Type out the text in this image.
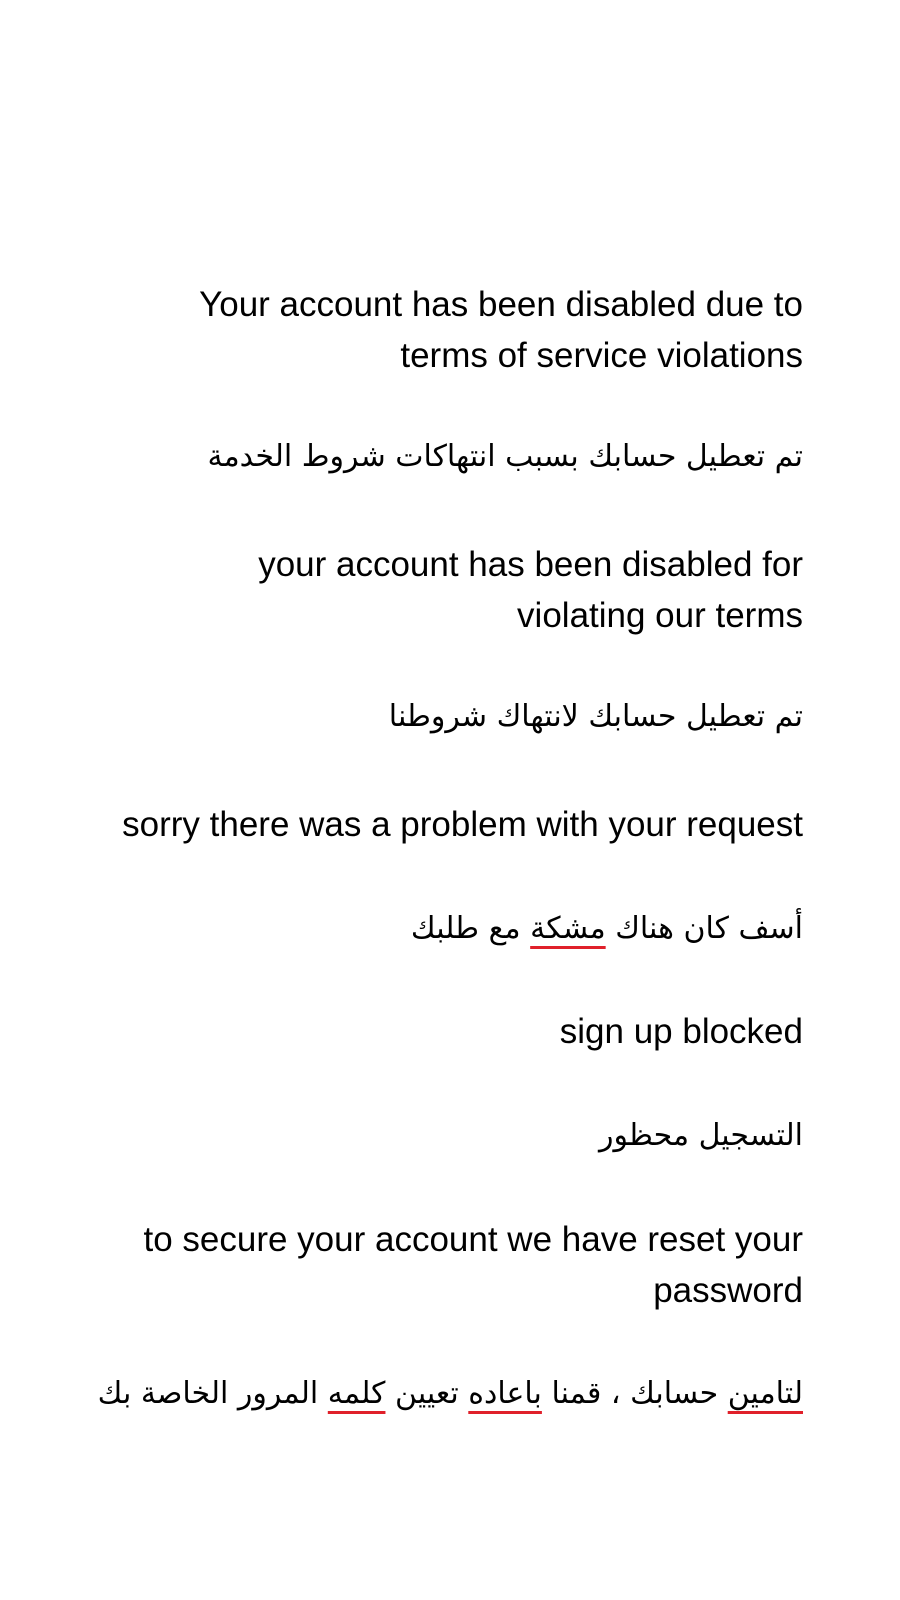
Your account has been disabled due to
terms of service violations
تم تعطيل حسابك بسبب انتهاكات شروط الخدمة
your account has been disabled for
violating our terms
تم تعطيل حسابك لانتهاك شروطنا
sorry there was a problem with your request
أسف كان هناك مشكة مع طلبك
sign up blocked
التسجيل محظور
to secure your account we have reset your
password
لتامين حسابك ، قمنا باعاده تعيين كلمه المرور الخاصة بك
